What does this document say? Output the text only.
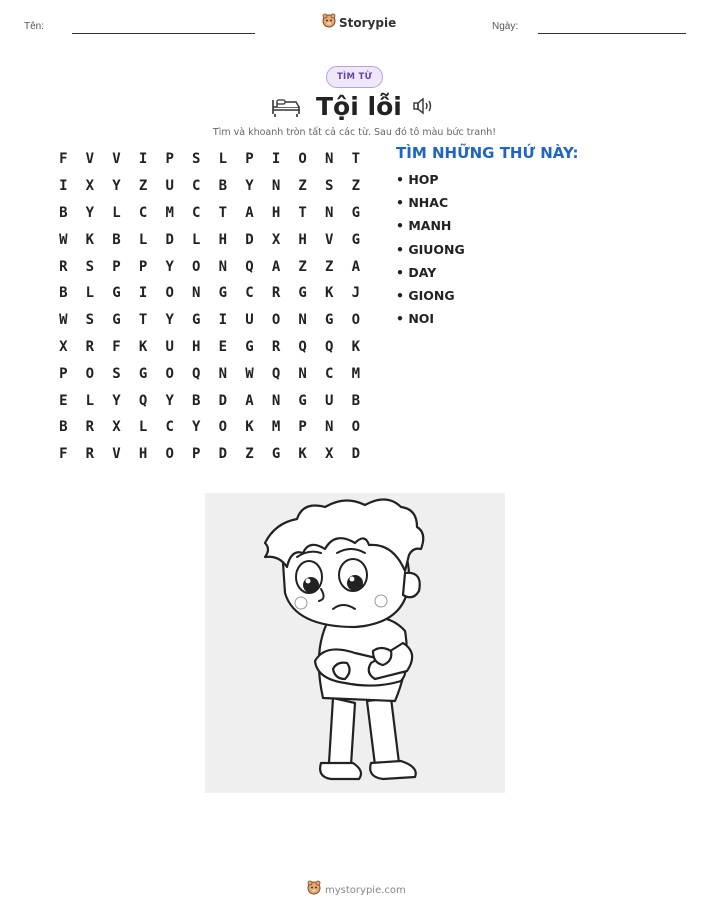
Tên:	Storypie	Ngày:
TÌM TỪ
Tội lỗi
Tìm và khoanh tròn tất cả các từ. Sau đó tô màu bức tranh!
F	V	V	I	P	S	L	P	I	O	N	T
I	X	Y	Z	U	C	B	Y	N	Z	S	Z
B	Y	L	C	M	C	T	A	H	T	N	G
W	K	B	L	D	L	H	D	X	H	V	G
R	S	P	P	Y	O	N	Q	A	Z	Z	A
B	L	G	I	O	N	G	C	R	G	K	J
W	S	G	T	Y	G	I	U	O	N	G	O
X	R	F	K	U	H	E	G	R	Q	Q	K
P	O	S	G	O	Q	N	W	Q	N	C	M
E	L	Y	Q	Y	B	D	A	N	G	U	B
B	R	X	L	C	Y	O	K	M	P	N	O
F	R	V	H	O	P	D	Z	G	K	X	D
TÌM NHỮNG THỨ NÀY:
• HOP
• NHAC
• MANH
• GIUONG
• DAY
• GIONG
• NOI
mystorypie.com
